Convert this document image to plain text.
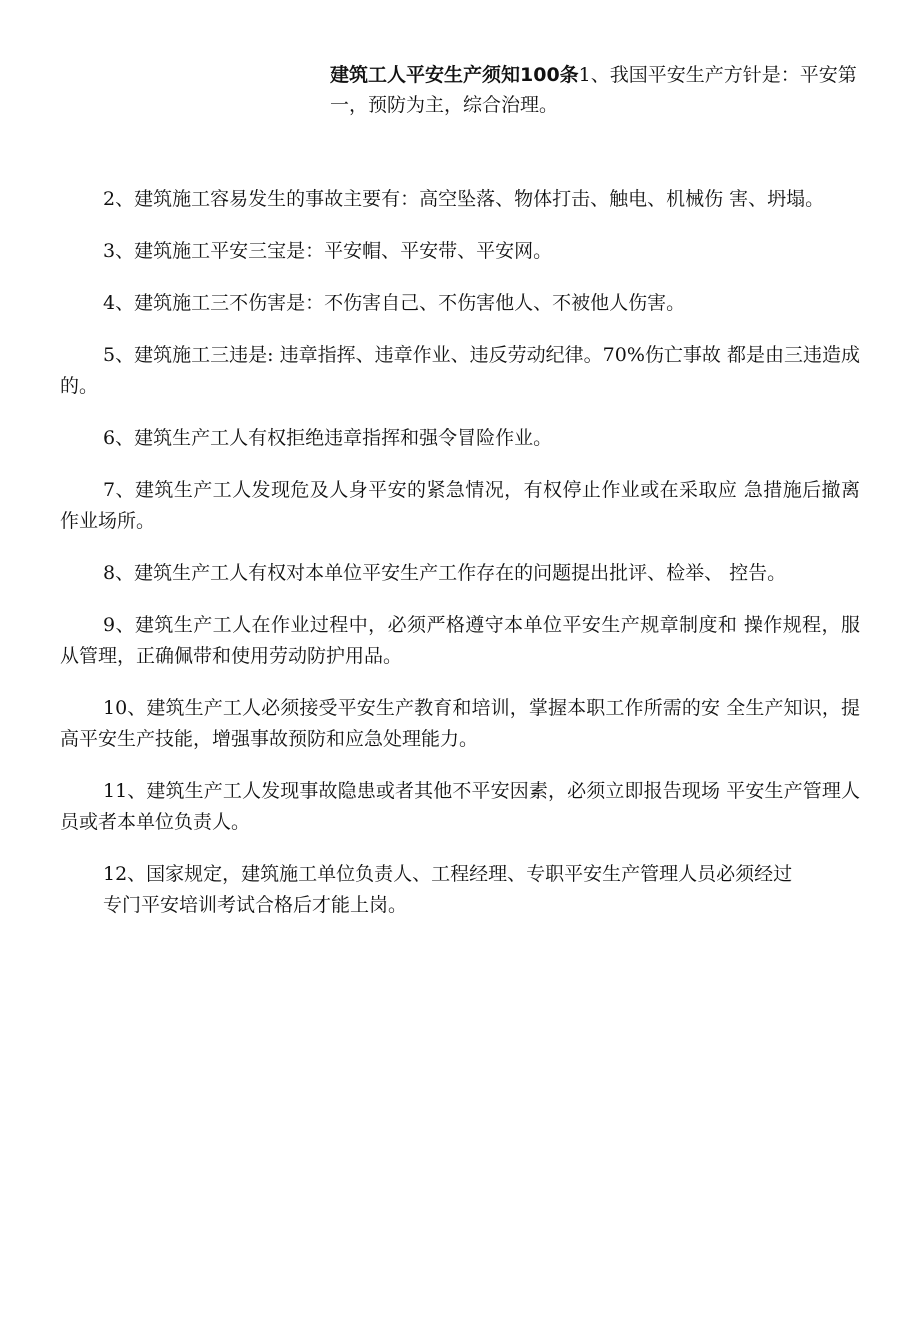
建筑工人平安生产须知100条1、我国平安生产方针是：平安第一，预防为主，综合治理。

2、建筑施工容易发生的事故主要有：高空坠落、物体打击、触电、机械伤 害、坍塌。

3、建筑施工平安三宝是：平安帽、平安带、平安网。

4、建筑施工三不伤害是：不伤害自己、不伤害他人、不被他人伤害。

5、建筑施工三违是: 违章指挥、违章作业、违反劳动纪律。70%伤亡事故 都是由三违造成的。

6、建筑生产工人有权拒绝违章指挥和强令冒险作业。

7、建筑生产工人发现危及人身平安的紧急情况，有权停止作业或在采取应 急措施后撤离作业场所。

8、建筑生产工人有权对本单位平安生产工作存在的问题提出批评、检举、 控告。

9、建筑生产工人在作业过程中，必须严格遵守本单位平安生产规章制度和 操作规程，服从管理，正确佩带和使用劳动防护用品。

10、建筑生产工人必须接受平安生产教育和培训，掌握本职工作所需的安 全生产知识，提高平安生产技能，增强事故预防和应急处理能力。

11、建筑生产工人发现事故隐患或者其他不平安因素，必须立即报告现场 平安生产管理人员或者本单位负责人。

12、国家规定，建筑施工单位负责人、工程经理、专职平安生产管理人员必须经过
专门平安培训考试合格后才能上岗。
